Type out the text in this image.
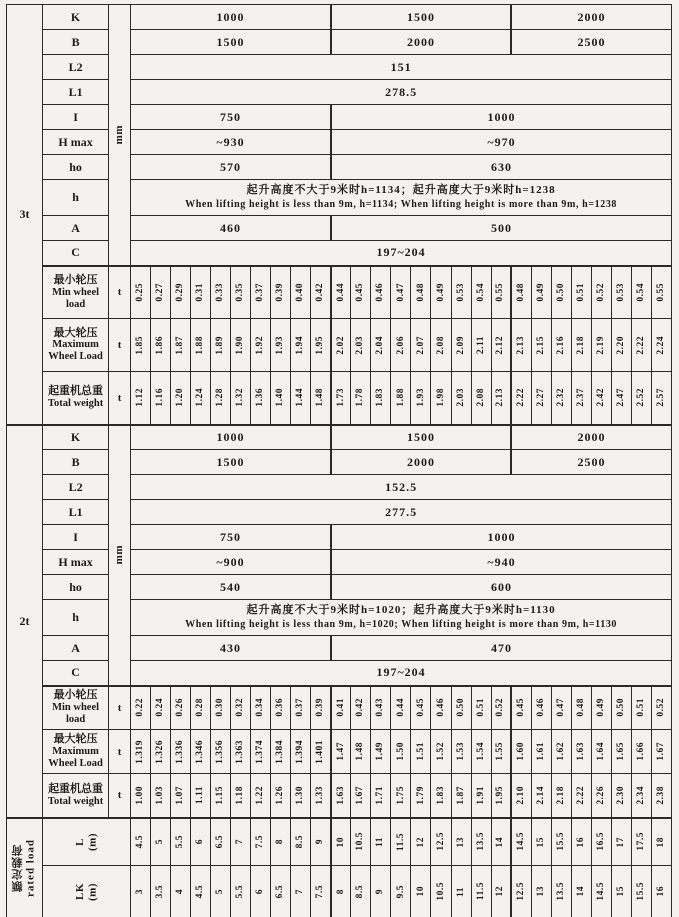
3t	K	mm	1000										1500									2000							
	B		1500										2000									2500							
	L2		151																										
	L1		278.5																										
	I		750										1000																
	H max		~930										~970																
	ho		570										630																
	h		起升高度不大于9米时h=1134；起升高度大于9米时h=1238
When lifting height is less than 9m, h=1134; When lifting height is more than 9m, h=1238																										

	A		460										500																
	C		197~204																										

	最小轮压
Min wheel load	t	0.25	0.27	0.29	0.31	0.33	0.35	0.37	0.39	0.40	0.42	0.44	0.45	0.46	0.47	0.48	0.49	0.53	0.54	0.55	0.48	0.49	0.50	0.51	0.52	0.53	0.54	0.55

	最大轮压
Maximum Wheel Load	t	1.85	1.86	1.87	1.88	1.89	1.90	1.92	1.93	1.94	1.95	2.02	2.03	2.04	2.06	2.07	2.08	2.09	2.11	2.12	2.13	2.15	2.16	2.18	2.19	2.20	2.22	2.24

	起重机总重
Total weight	t	1.12	1.16	1.20	1.24	1.28	1.32	1.36	1.40	1.44	1.48	1.73	1.78	1.83	1.88	1.93	1.98	2.03	2.08	2.13	2.22	2.27	2.32	2.37	2.42	2.47	2.52	2.57

2t	K	mm	1000										1500									2000							
	B		1500										2000									2500							
	L2		152.5																										
	L1		277.5																										
	I		750										1000																
	H max		~900										~940																
	ho		540										600																
	h		起升高度不大于9米时h=1020；起升高度大于9米时h=1130
When lifting height is less than 9m, h=1020; When lifting height is more than 9m, h=1130																										

	A		430										470																
	C		197~204																										

	最小轮压
Min wheel load	t	0.22	0.24	0.26	0.28	0.30	0.32	0.34	0.36	0.37	0.39	0.41	0.42	0.43	0.44	0.45	0.46	0.50	0.51	0.52	0.45	0.46	0.47	0.48	0.49	0.50	0.51	0.52

	最大轮压
Maximum Wheel Load	t	1.319	1.326	1.336	1.346	1.356	1.363	1.374	1.384	1.394	1.401	1.47	1.48	1.49	1.50	1.51	1.52	1.53	1.54	1.55	1.60	1.61	1.62	1.63	1.64	1.65	1.66	1.67

	起重机总重
Total weight	t	1.00	1.03	1.07	1.11	1.15	1.18	1.22	1.26	1.30	1.33	1.63	1.67	1.71	1.75	1.79	1.83	1.87	1.91	1.95	2.10	2.14	2.18	2.22	2.26	2.30	2.34	2.38

额定载荷 rated load	L (m)		4.5	5	5.5	6	6.5	7	7.5	8	8.5	9	10	10.5	11	11.5	12	12.5	13	13.5	14	14.5	15	15.5	16	16.5	17	17.5	18

	LK (m)		3	3.5	4	4.5	5	5.5	6	6.5	7	7.5	8	8.5	9	9.5	10	10.5	11	11.5	12	12.5	13	13.5	14	14.5	15	15.5	16
